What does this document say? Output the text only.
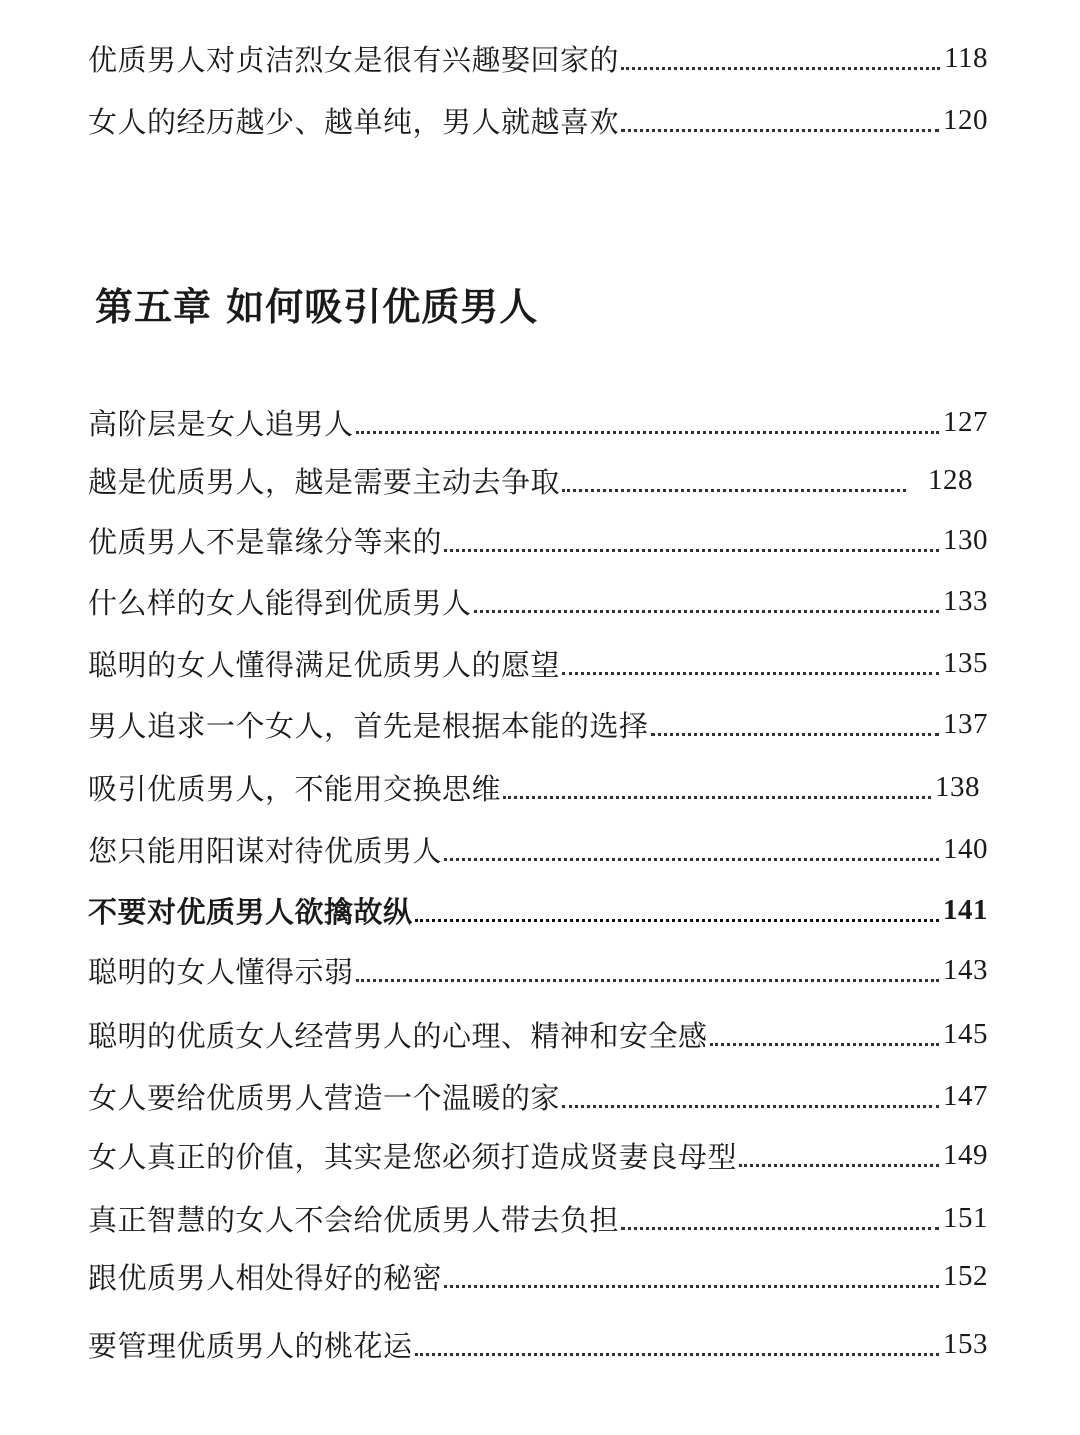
优质男人对贞洁烈女是很有兴趣娶回家的	118
女人的经历越少、越单纯，男人就越喜欢	120
第五章 如何吸引优质男人
高阶层是女人追男人	127
越是优质男人，越是需要主动去争取	128
优质男人不是靠缘分等来的	130
什么样的女人能得到优质男人	133
聪明的女人懂得满足优质男人的愿望	135
男人追求一个女人，首先是根据本能的选择	137
吸引优质男人，不能用交换思维	138
您只能用阳谋对待优质男人	140
不要对优质男人欲擒故纵	141
聪明的女人懂得示弱	143
聪明的优质女人经营男人的心理、精神和安全感	145
女人要给优质男人营造一个温暖的家	147
女人真正的价值，其实是您必须打造成贤妻良母型	149
真正智慧的女人不会给优质男人带去负担	151
跟优质男人相处得好的秘密	152
要管理优质男人的桃花运	153
